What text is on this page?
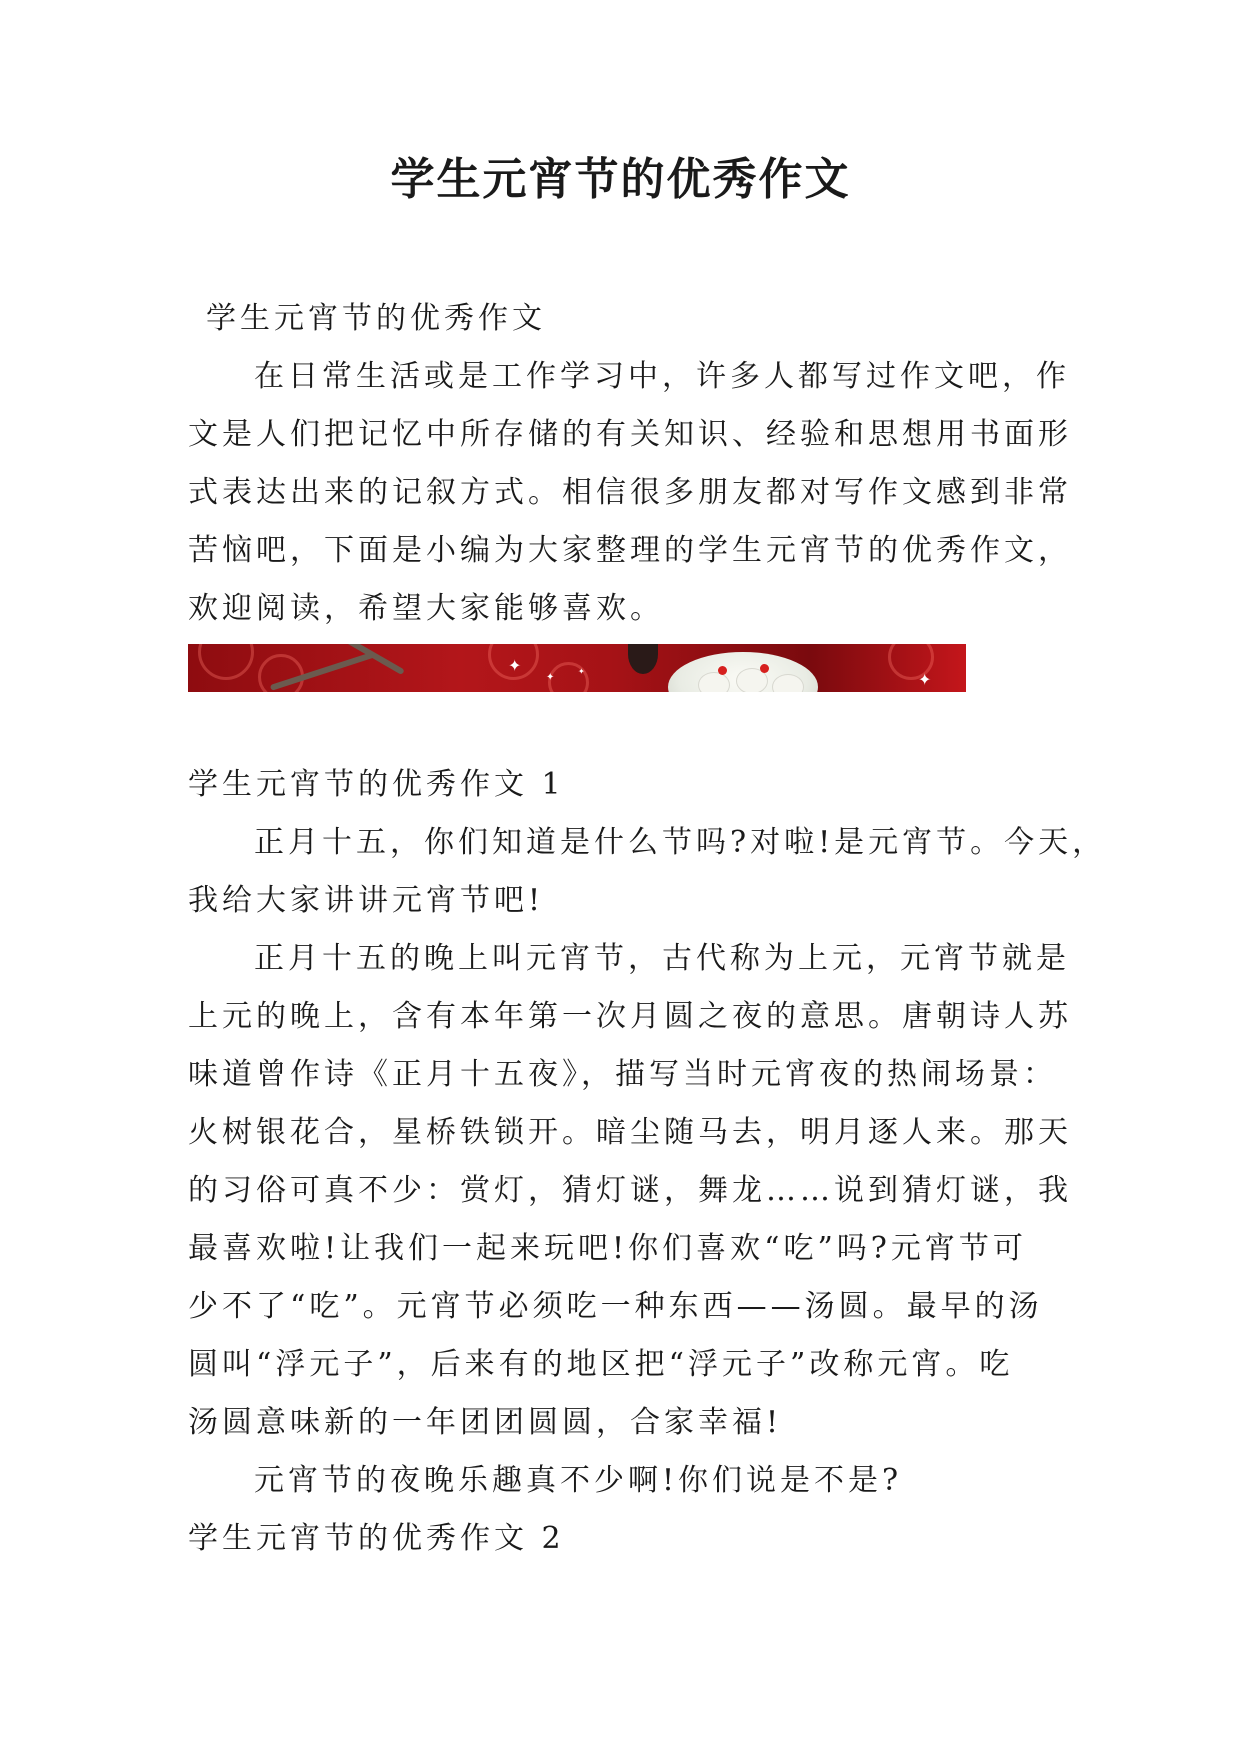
学生元宵节的优秀作文
学生元宵节的优秀作文
在日常生活或是工作学习中，许多人都写过作文吧，作
文是人们把记忆中所存储的有关知识、经验和思想用书面形
式表达出来的记叙方式。相信很多朋友都对写作文感到非常
苦恼吧，下面是小编为大家整理的学生元宵节的优秀作文，
欢迎阅读，希望大家能够喜欢。
✦
✦
✦	✦
学生元宵节的优秀作文 1
正月十五，你们知道是什么节吗?对啦!是元宵节。今天，
我给大家讲讲元宵节吧!
正月十五的晚上叫元宵节，古代称为上元，元宵节就是
上元的晚上，含有本年第一次月圆之夜的意思。唐朝诗人苏
味道曾作诗《正月十五夜》，描写当时元宵夜的热闹场景：
火树银花合，星桥铁锁开。暗尘随马去，明月逐人来。那天
的习俗可真不少：赏灯，猜灯谜，舞龙……说到猜灯谜，我
最喜欢啦!让我们一起来玩吧!你们喜欢“吃”吗?元宵节可
少不了“吃”。元宵节必须吃一种东西——汤圆。最早的汤
圆叫“浮元子”，后来有的地区把“浮元子”改称元宵。吃
汤圆意味新的一年团团圆圆，合家幸福!
元宵节的夜晚乐趣真不少啊!你们说是不是?
学生元宵节的优秀作文 2
